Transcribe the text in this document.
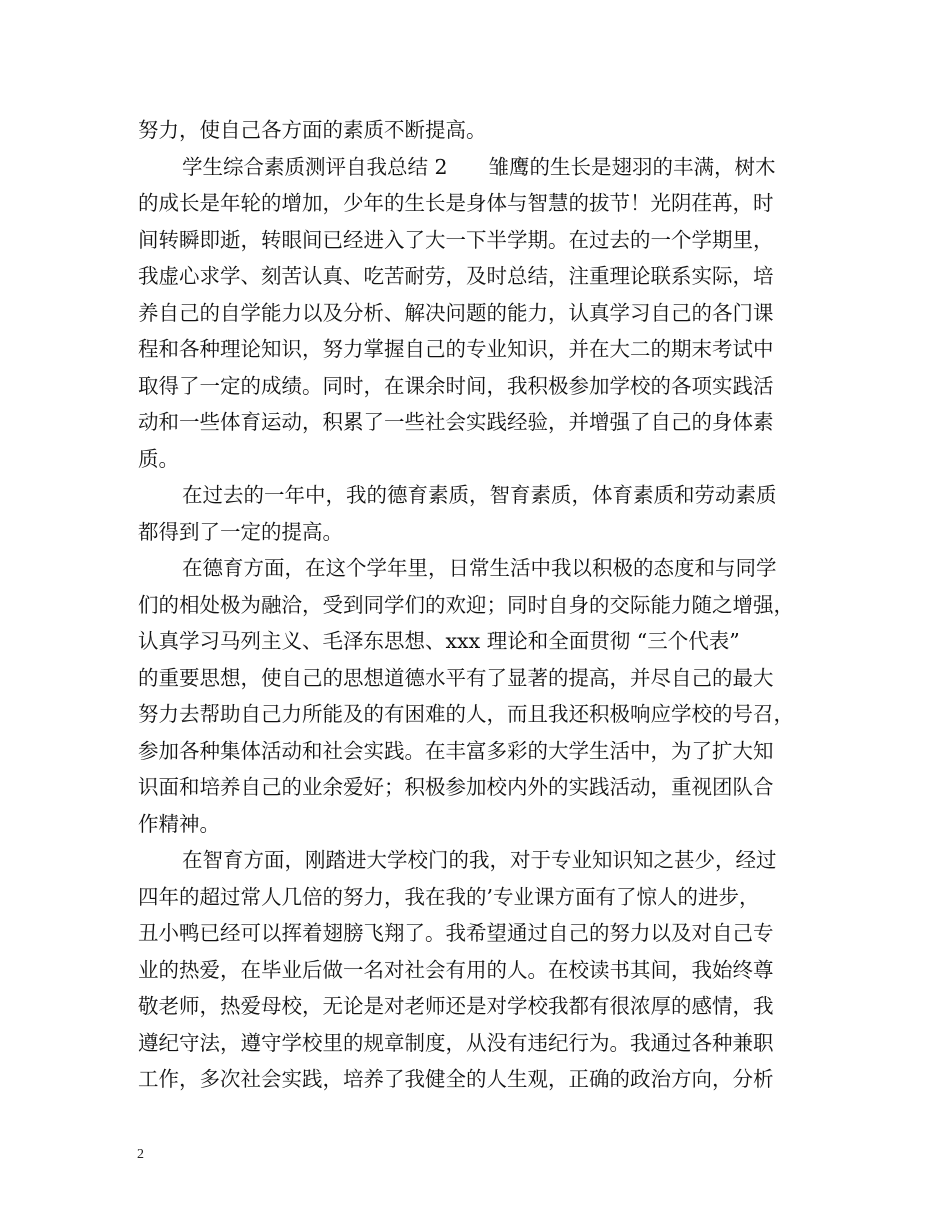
努力，使自己各方面的素质不断提高。
学生综合素质测评自我总结 2　　雏鹰的生长是翅羽的丰满，树木
的成长是年轮的增加，少年的生长是身体与智慧的拔节！光阴荏苒，时
间转瞬即逝，转眼间已经进入了大一下半学期。在过去的一个学期里，
我虚心求学、刻苦认真、吃苦耐劳，及时总结，注重理论联系实际，培
养自己的自学能力以及分析、解决问题的能力，认真学习自己的各门课
程和各种理论知识，努力掌握自己的专业知识，并在大二的期末考试中
取得了一定的成绩。同时，在课余时间，我积极参加学校的各项实践活
动和一些体育运动，积累了一些社会实践经验，并增强了自己的身体素
质。
在过去的一年中，我的德育素质，智育素质，体育素质和劳动素质
都得到了一定的提高。
在德育方面，在这个学年里，日常生活中我以积极的态度和与同学
们的相处极为融洽，受到同学们的欢迎；同时自身的交际能力随之增强，
认真学习马列主义、毛泽东思想、xxx 理论和全面贯彻 “三个代表”
的重要思想，使自己的思想道德水平有了显著的提高，并尽自己的最大
努力去帮助自己力所能及的有困难的人，而且我还积极响应学校的号召，
参加各种集体活动和社会实践。在丰富多彩的大学生活中，为了扩大知
识面和培养自己的业余爱好；积极参加校内外的实践活动，重视团队合
作精神。
在智育方面，刚踏进大学校门的我，对于专业知识知之甚少，经过
四年的超过常人几倍的努力，我在我的’专业课方面有了惊人的进步，
丑小鸭已经可以挥着翅膀飞翔了。我希望通过自己的努力以及对自己专
业的热爱，在毕业后做一名对社会有用的人。在校读书其间，我始终尊
敬老师，热爱母校，无论是对老师还是对学校我都有很浓厚的感情，我
遵纪守法，遵守学校里的规章制度，从没有违纪行为。我通过各种兼职
工作，多次社会实践，培养了我健全的人生观，正确的政治方向，分析
2
